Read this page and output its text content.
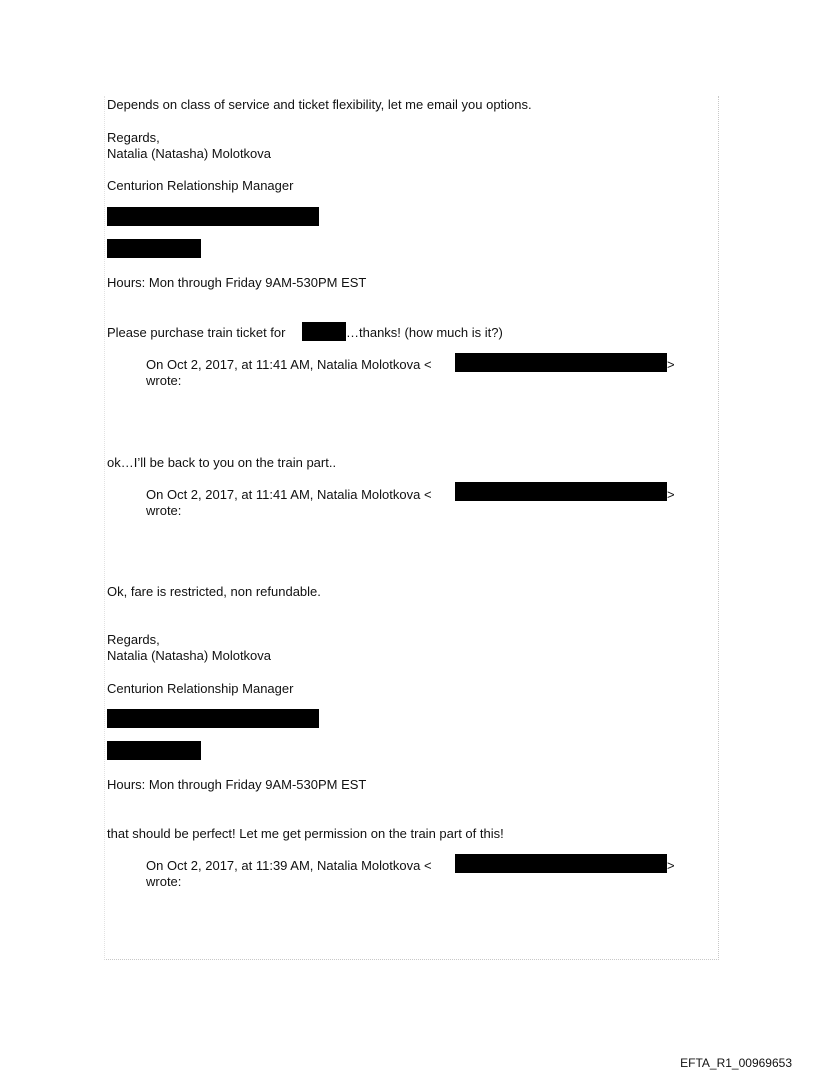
Depends on class of service and ticket flexibility, let me email you options.
Regards,
Natalia (Natasha) Molotkova
Centurion Relationship Manager
Hours: Mon through Friday 9AM-530PM EST
Please purchase train ticket for	…thanks! (how much is it?)
On Oct 2, 2017, at 11:41 AM, Natalia Molotkova <	>
wrote:
ok…I’ll be back to you on the train part..
On Oct 2, 2017, at 11:41 AM, Natalia Molotkova <	>
wrote:
Ok, fare is restricted, non refundable.
Regards,
Natalia (Natasha) Molotkova
Centurion Relationship Manager
Hours: Mon through Friday 9AM-530PM EST
that should be perfect! Let me get permission on the train part of this!
On Oct 2, 2017, at 11:39 AM, Natalia Molotkova <	>
wrote:
EFTA_R1_00969653
